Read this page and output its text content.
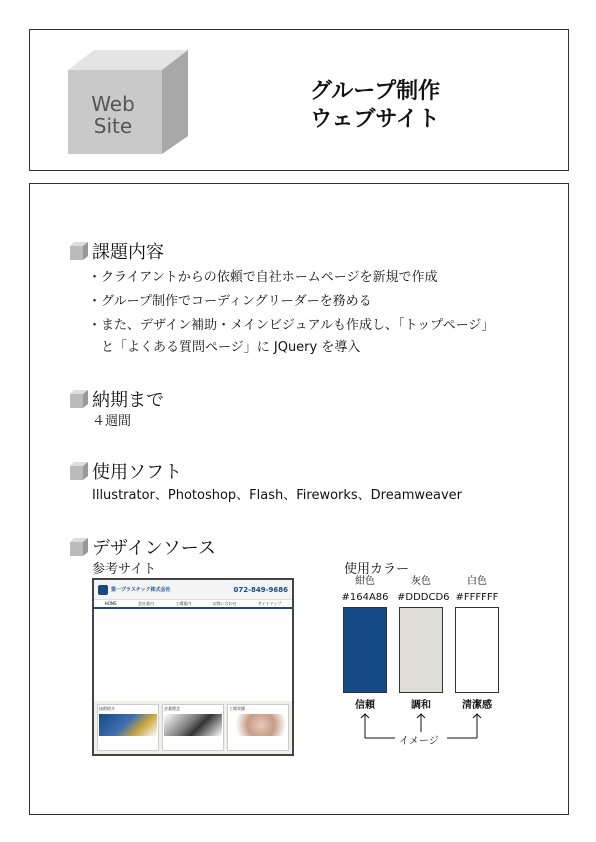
Web
Site
グループ制作
ウェブサイト
課題内容
・クライアントからの依頼で自社ホームページを新規で作成
・グループ制作でコーディングリーダーを務める
・また、デザイン補助・メインビジュアルも作成し、「トップページ」
　と「よくある質問ページ」に JQuery を導入
納期まで
４週間
使用ソフト
Illustrator、Photoshop、Flash、Fireworks、Dreamweaver
デザインソース
参考サイト	使用カラー
第一プラスチック株式会社	072-849-9686
HOME	会社案内	工場案内	お問い合わせ	サイトマップ
技術紹介	企業理念	工場実績
紺色
#164A86
灰色
#DDDCD6
白色
#FFFFFF
信頼	調和	清潔感
イメージ
